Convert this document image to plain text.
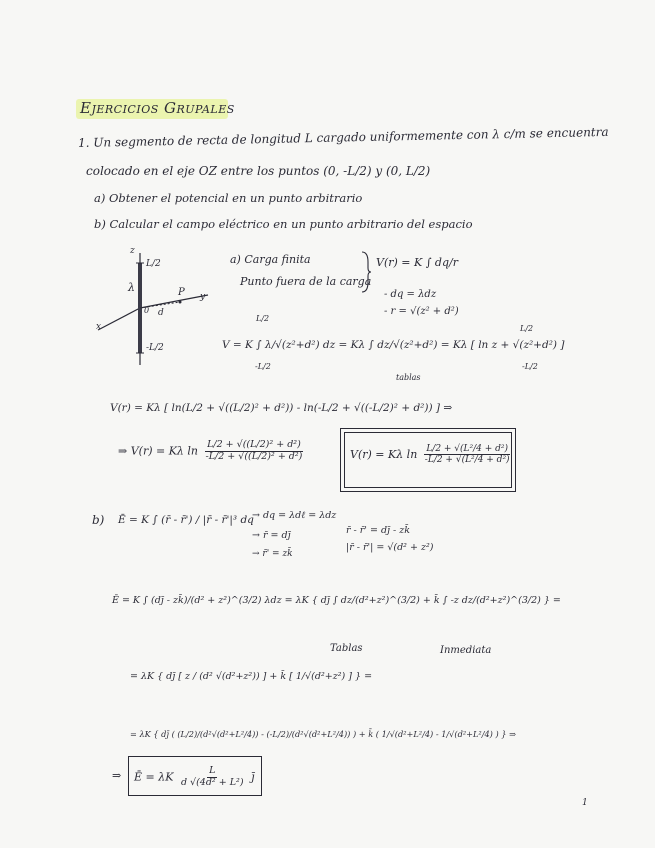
Ejercicios Grupales
1. Un segmento de recta de longitud L cargado uniformemente con λ c/m se encuentra
colocado en el eje OZ entre los puntos (0, -L/2) y (0, L/2)
a) Obtener el potencial en un punto arbitrario
b) Calcular el campo eléctrico en un punto arbitrario del espacio
z
L/2
λ	P y
x
0 d
-L/2
a) Carga finita
Punto fuera de la carga
V(r) = K ∫ dq/r
- dq = λdz
- r = √(z² + d²)
L/2
V = K ∫ λ/√(z²+d²) dz = Kλ ∫ dz/√(z²+d²) = Kλ [ ln z + √(z²+d²) ]
L/2
-L/2	-L/2
tablas
V(r) = Kλ [ ln(L/2 + √((L/2)² + d²)) - ln(-L/2 + √((-L/2)² + d²)) ] ⇒
⇒ V(r) = Kλ $\ln \frac{\text{L/2 + √((L/2)² + d²)}}{\text{-L/2 + √((L/2)² + d²)}}$	V(r) = Kλ $\ln \frac{\text{L/2 + √(L²/4 + d²)}}{\text{-L/2 + √(L²/4 + d²)}}$
b) Ē = K ∫ (r̄ - r̄') / |r̄ - r̄'|³ dq
→ dq = λdℓ = λdz
→ r̄ = dj̄
→ r̄' = zk̄
r̄ - r̄' = dj̄ - zk̄
|r̄ - r̄'| = √(d² + z²)
Ē = K ∫ (dj̄ - zk̄)/(d² + z²)^(3/2) λdz = λK { dj̄ ∫ dz/(d²+z²)^(3/2) + k̄ ∫ -z dz/(d²+z²)^(3/2) } =
Tablas	Inmediata
= λK { dj̄ [ z / (d² √(d²+z²)) ] + k̄ [ 1/√(d²+z²) ] } =
= λK { dj̄ ( (L/2)/(d²√(d²+L²/4)) - (-L/2)/(d²√(d²+L²/4)) ) + k̄ ( 1/√(d²+L²/4) - 1/√(d²+L²/4) ) } ⇒
⇒ Ē = λK $\frac{L}{\text{d √(4d² + L²)}}$ j̄
1
